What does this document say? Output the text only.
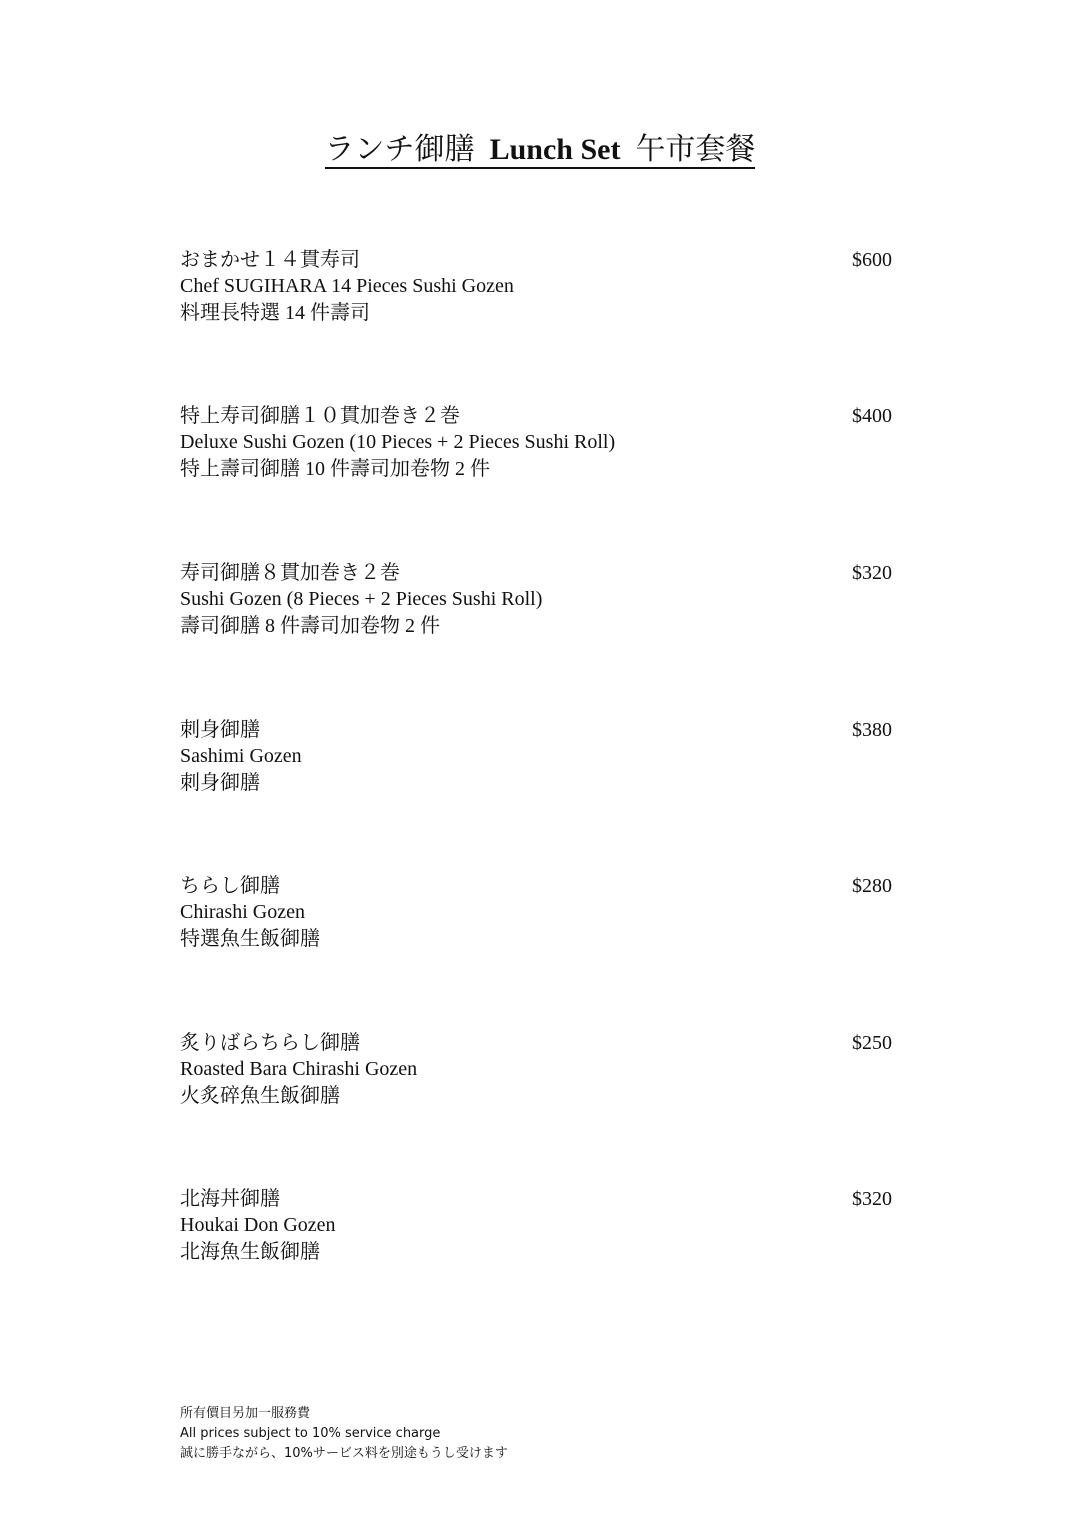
ランチ御膳 Lunch Set 午市套餐
おまかせ１４貫寿司
Chef SUGIHARA 14 Pieces Sushi Gozen
料理長特選 14 件壽司
$600
特上寿司御膳１０貫加巻き２巻
Deluxe Sushi Gozen (10 Pieces + 2 Pieces Sushi Roll)
特上壽司御膳 10 件壽司加卷物 2 件
$400
寿司御膳８貫加巻き２巻
Sushi Gozen (8 Pieces + 2 Pieces Sushi Roll)
壽司御膳 8 件壽司加卷物 2 件
$320
刺身御膳
Sashimi Gozen
刺身御膳
$380
ちらし御膳
Chirashi Gozen
特選魚生飯御膳
$280
炙りばらちらし御膳
Roasted Bara Chirashi Gozen
火炙碎魚生飯御膳
$250
北海丼御膳
Houkai Don Gozen
北海魚生飯御膳
$320
所有價目另加一服務費
All prices subject to 10% service charge
誠に勝手ながら、10%サービス料を別途もうし受けます
